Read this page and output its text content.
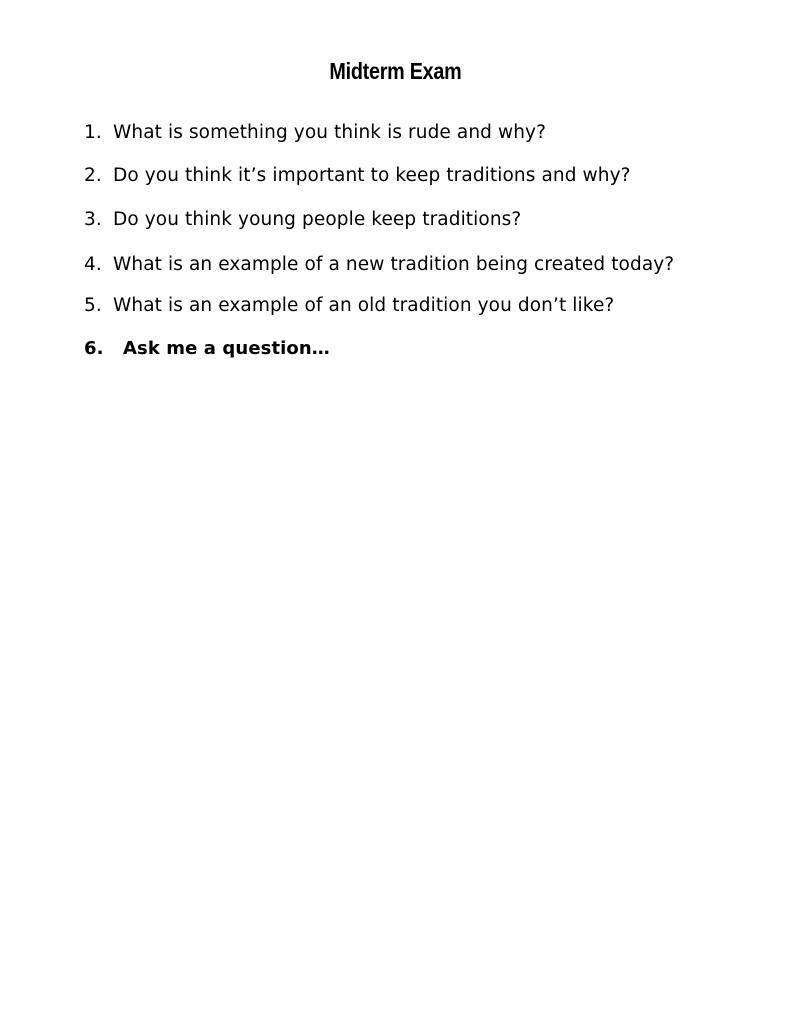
Midterm Exam
1. What is something you think is rude and why?
2. Do you think it’s important to keep traditions and why?
3. Do you think young people keep traditions?
4. What is an example of a new tradition being created today?
5. What is an example of an old tradition you don’t like?
6. Ask me a question…
